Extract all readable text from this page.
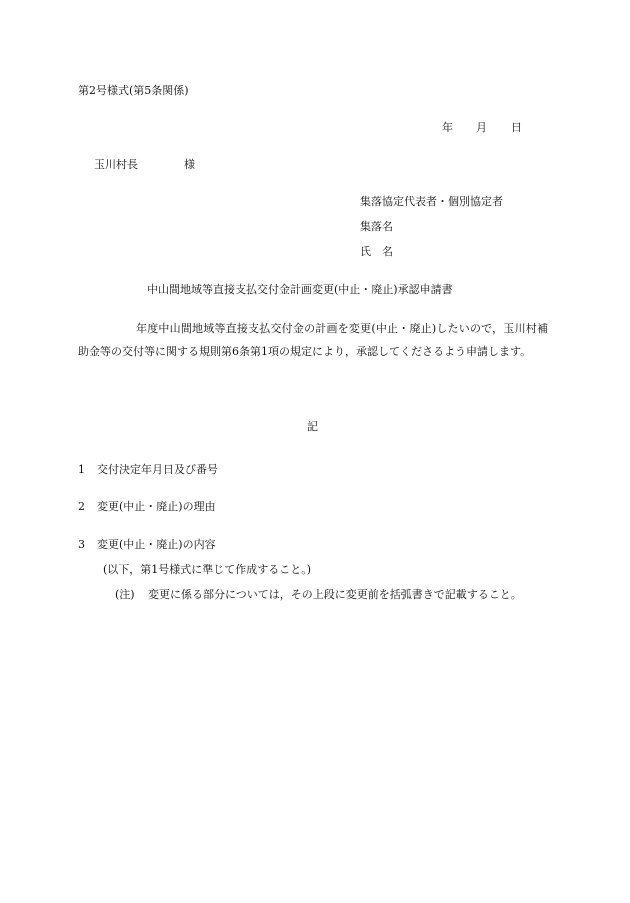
第2号様式(第5条関係)
年 月 日
玉川村長	様
集落協定代表者・個別協定者
集落名
氏　名
中山間地域等直接支払交付金計画変更(中止・廃止)承認申請書
年度中山間地域等直接支払交付金の計画を変更(中止・廃止)したいので，玉川村補助金等の交付等に関する規則第6条第1項の規定により，承認してくださるよう申請します。
記
1 交付決定年月日及び番号
2 変更(中止・廃止)の理由
3 変更(中止・廃止)の内容
(以下，第1号様式に準じて作成すること。)
(注) 変更に係る部分については，その上段に変更前を括弧書きで記載すること。
